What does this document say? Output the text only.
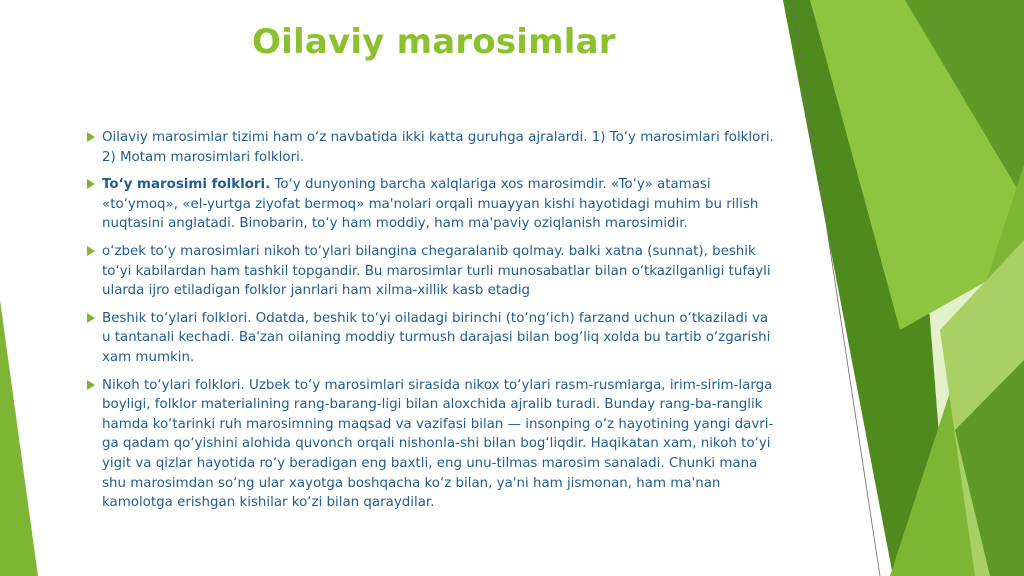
Oilaviy marosimlar
Oilaviy marosimlar tizimi ham o‘z navbatida ikki katta guruhga ajralardi. 1) To‘y marosimlari folklori. 2) Motam marosimlari folklori.
To‘y marosimi folklori. To‘y dunyoning barcha xalqlariga xos marosimdir. «To‘y» atamasi «to‘ymoq», «el-yurtga ziyofat bermoq» ma'nolari orqali muayyan kishi hayotidagi muhim bu rilish nuqtasini anglatadi. Binobarin, to‘y ham moddiy, ham ma'paviy oziqlanish marosimidir.
o‘zbek to‘y marosimlari nikoh to‘ylari bilangina chegaralanib qolmay. balki xatna (sunnat), beshik to‘yi kabilardan ham tashkil topgandir. Bu marosimlar turli munosabatlar bilan o‘tkazilganligi tufayli ularda ijro etiladigan folklor janrlari ham xilma-xillik kasb etadig
Beshik to‘ylari folklori. Odatda, beshik to‘yi oiladagi birinchi (to‘ng‘ich) farzand uchun o‘tkaziladi va u tantanali kechadi. Ba'zan oilaning moddiy turmush darajasi bilan bog‘liq xolda bu tartib o‘zgarishi xam mumkin.
Nikoh to‘ylari folklori. Uzbek to‘y marosimlari sirasida nikox to‘ylari rasm-rusmlarga, irim-sirim-larga boyligi, folklor materialining rang-barang-ligi bilan aloxchida ajralib turadi. Bunday rang-ba-ranglik hamda ko‘tarinki ruh marosimning maqsad va vazifasi bilan — insonping o‘z hayotining yangi davri-ga qadam qo‘yishini alohida quvonch orqali nishonla-shi bilan bog‘liqdir. Haqikatan xam, nikoh to‘yi yigit va qizlar hayotida ro‘y beradigan eng baxtli, eng unu-tilmas marosim sanaladi. Chunki mana shu marosimdan so‘ng ular xayotga boshqacha ko‘z bilan, ya'ni ham jismonan, ham ma'nan kamolotga erishgan kishilar ko‘zi bilan qaraydilar.
